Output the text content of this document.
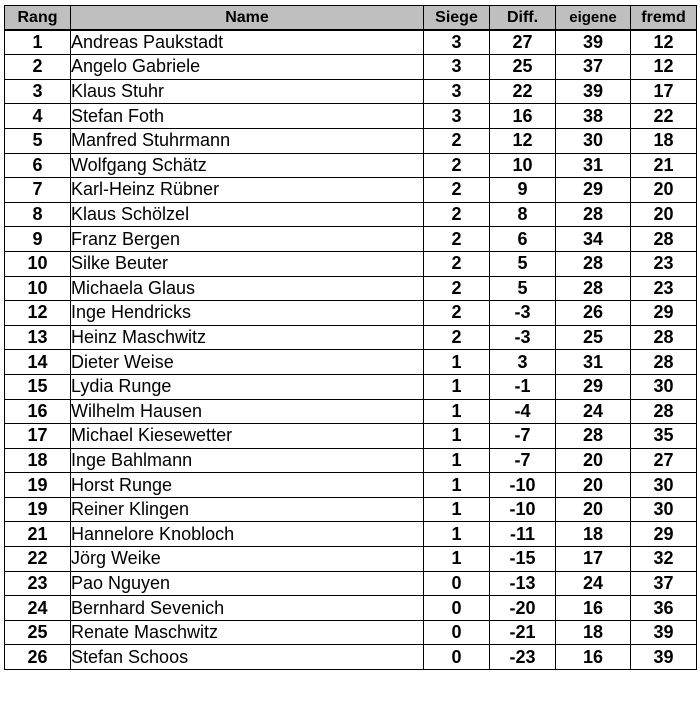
Rang	Name	Siege	Diff.	eigene	fremd
1	Andreas Paukstadt	3	27	39	12
2	Angelo Gabriele	3	25	37	12
3	Klaus Stuhr	3	22	39	17
4	Stefan Foth	3	16	38	22
5	Manfred Stuhrmann	2	12	30	18
6	Wolfgang Schätz	2	10	31	21
7	Karl-Heinz Rübner	2	9	29	20
8	Klaus Schölzel	2	8	28	20
9	Franz Bergen	2	6	34	28
10	Silke Beuter	2	5	28	23
10	Michaela Glaus	2	5	28	23
12	Inge Hendricks	2	-3	26	29
13	Heinz Maschwitz	2	-3	25	28
14	Dieter Weise	1	3	31	28
15	Lydia Runge	1	-1	29	30
16	Wilhelm Hausen	1	-4	24	28
17	Michael Kiesewetter	1	-7	28	35
18	Inge Bahlmann	1	-7	20	27
19	Horst Runge	1	-10	20	30
19	Reiner Klingen	1	-10	20	30
21	Hannelore Knobloch	1	-11	18	29
22	Jörg Weike	1	-15	17	32
23	Pao Nguyen	0	-13	24	37
24	Bernhard Sevenich	0	-20	16	36
25	Renate Maschwitz	0	-21	18	39
26	Stefan Schoos	0	-23	16	39
